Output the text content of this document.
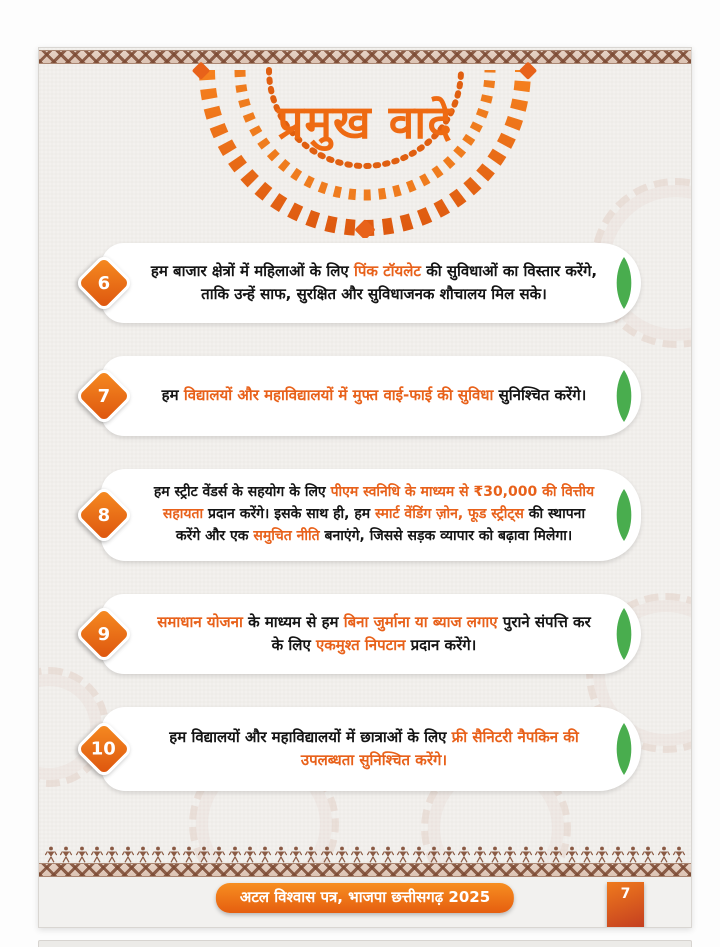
प्रमुख वादे
6

हम बाजार क्षेत्रों में महिलाओं के लिए पिंक टॉयलेट की सुविधाओं का विस्तार करेंगे, ताकि उन्हें साफ, सुरक्षित और सुविधाजनक शौचालय मिल सके।

7	हम विद्यालयों और महाविद्यालयों में मुफ्त वाई-फाई की सुविधा सुनिश्चित करेंगे।

8

हम स्ट्रीट वेंडर्स के सहयोग के लिए पीएम स्वनिधि के माध्यम से ₹30,000 की वित्तीय सहायता प्रदान करेंगे। इसके साथ ही, हम स्मार्ट वेंडिंग ज़ोन, फूड स्ट्रीट्स की स्थापना करेंगे और एक समुचित नीति बनाएंगे, जिससे सड़क व्यापार को बढ़ावा मिलेगा।

9

समाधान योजना के माध्यम से हम बिना जुर्माना या ब्याज लगाए पुराने संपत्ति कर के लिए एकमुश्त निपटान प्रदान करेंगे।

10

हम विद्यालयों और महाविद्यालयों में छात्राओं के लिए फ्री सैनिटरी नैपकिन की उपलब्धता सुनिश्चित करेंगे।

अटल विश्वास पत्र, भाजपा छत्तीसगढ़ 2025	7
